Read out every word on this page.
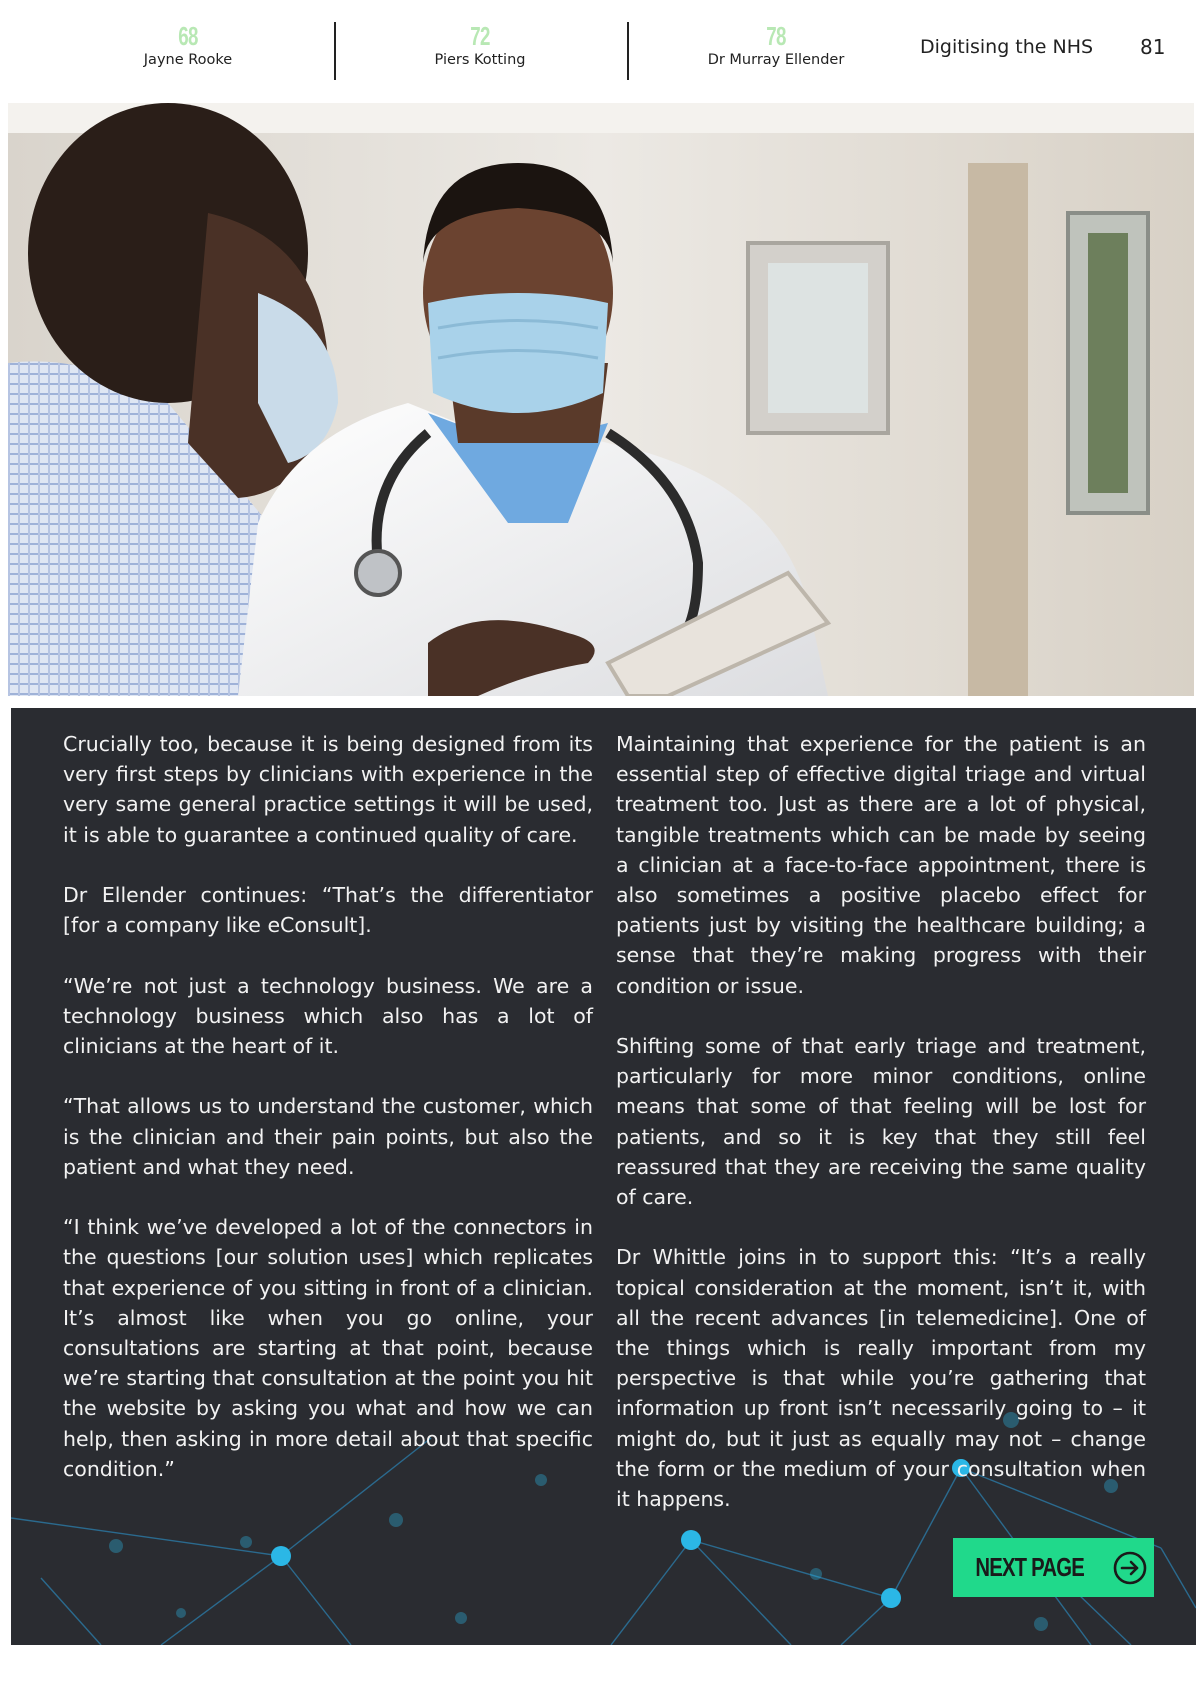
68
Jayne Rooke
72
Piers Kotting
78
Dr Murray Ellender
Digitising the NHS 81

Crucially too, because it is being designed from its very first steps by clinicians with experience in the very same general practice settings it will be used, it is able to guarantee a continued quality of care.

Dr Ellender continues: “That’s the differentiator [for a company like eConsult].

“We’re not just a technology business. We are a technology business which also has a lot of clinicians at the heart of it.

“That allows us to understand the customer, which is the clinician and their pain points, but also the patient and what they need.

“I think we’ve developed a lot of the connectors in the questions [our solution uses] which replicates that experience of you sitting in front of a clinician. It’s almost like when you go online, your consultations are starting at that point, because we’re starting that consultation at the point you hit the website by asking you what and how we can help, then asking in more detail about that specific condition.”

Maintaining that experience for the patient is an essential step of effective digital triage and virtual treatment too. Just as there are a lot of physical, tangible treatments which can be made by seeing a clinician at a face-to-face appointment, there is also sometimes a positive placebo effect for patients just by visiting the healthcare building; a sense that they’re making progress with their condition or issue.

Shifting some of that early triage and treatment, particularly for more minor conditions, online means that some of that feeling will be lost for patients, and so it is key that they still feel reassured that they are receiving the same quality of care.

Dr Whittle joins in to support this: “It’s a really topical consideration at the moment, isn’t it, with all the recent advances [in telemedicine]. One of the things which is really important from my perspective is that while you’re gathering that information up front isn’t necessarily going to – it might do, but it just as equally may not – change the form or the medium of your consultation when it happens.

NEXT PAGE
